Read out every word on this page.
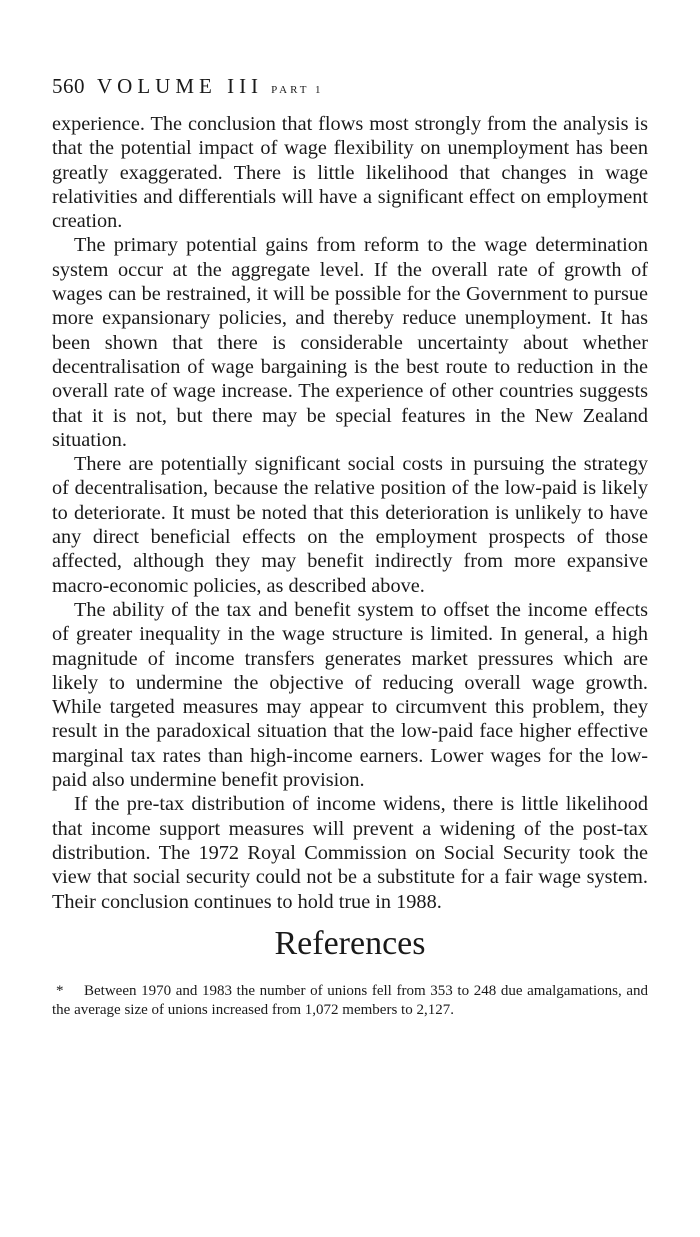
560 VOLUME III PART 1

experience. The conclusion that flows most strongly from the analysis is that the potential impact of wage flexibility on unemployment has been greatly exaggerated. There is little likelihood that changes in wage relativities and differentials will have a significant effect on employment creation.

The primary potential gains from reform to the wage determination system occur at the aggregate level. If the overall rate of growth of wages can be restrained, it will be possible for the Government to pursue more expansionary policies, and thereby reduce unemployment. It has been shown that there is considerable uncertainty about whether decentralisation of wage bargaining is the best route to reduction in the overall rate of wage increase. The experience of other countries suggests that it is not, but there may be special features in the New Zealand situation.

There are potentially significant social costs in pursuing the strategy of decentralisation, because the relative position of the low-paid is likely to deteriorate. It must be noted that this deterioration is unlikely to have any direct beneficial effects on the employment prospects of those affected, although they may benefit indirectly from more expansive macro-economic policies, as described above.

The ability of the tax and benefit system to offset the income effects of greater inequality in the wage structure is limited. In general, a high magnitude of income transfers generates market pressures which are likely to undermine the objective of reducing overall wage growth. While targeted measures may appear to circumvent this problem, they result in the paradoxical situation that the low-paid face higher effective marginal tax rates than high-income earners. Lower wages for the low-paid also undermine benefit provision.

If the pre-tax distribution of income widens, there is little likelihood that income support measures will prevent a widening of the post-tax distribution. The 1972 Royal Commission on Social Security took the view that social security could not be a substitute for a fair wage system. Their conclusion continues to hold true in 1988.

References

* Between 1970 and 1983 the number of unions fell from 353 to 248 due amalgamations, and the average size of unions increased from 1,072 members to 2,127.
